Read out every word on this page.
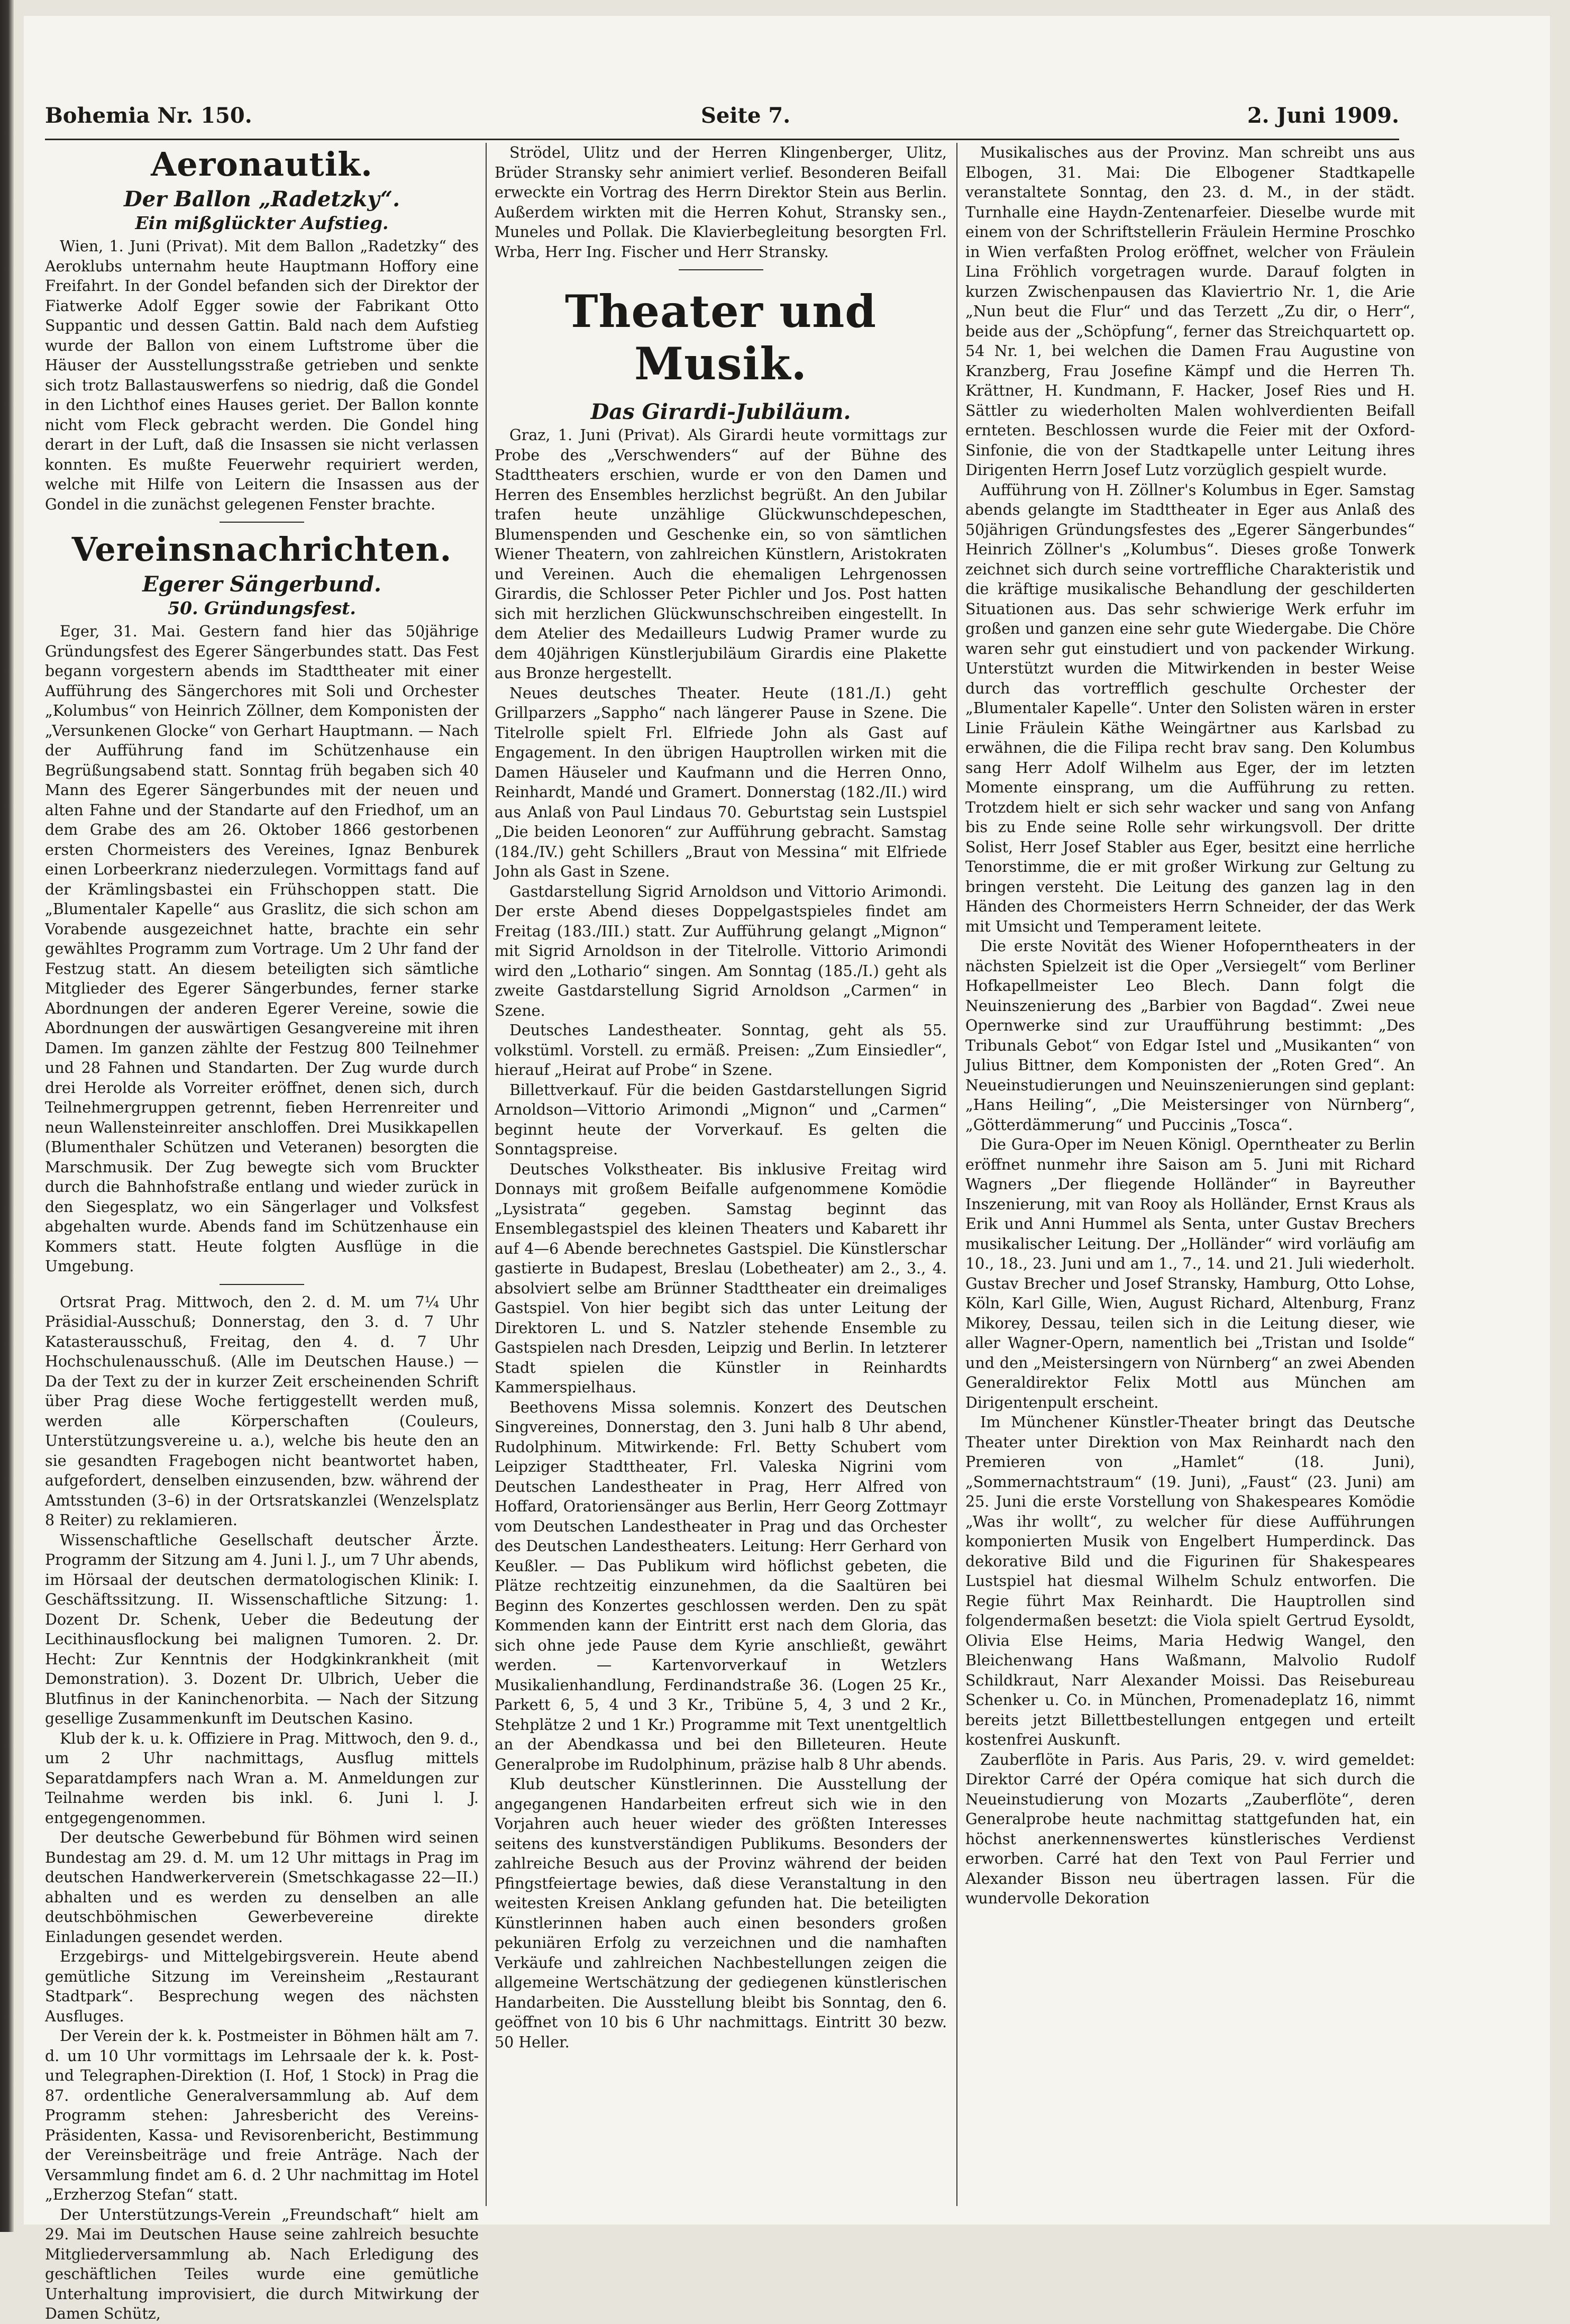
Bohemia Nr. 150.	Seite 7.	2. Juni 1909.
Aeronautik.
Der Ballon „Radetzky“.
Ein mißglückter Aufstieg.

Wien, 1. Juni (Privat). Mit dem Ballon „Radetzky“ des Aeroklubs unternahm heute Hauptmann Hoffory eine Freifahrt. In der Gondel befanden sich der Direktor der Fiatwerke Adolf Egger sowie der Fabrikant Otto Suppantic und dessen Gattin. Bald nach dem Aufstieg wurde der Ballon von einem Luftstrome über die Häuser der Ausstellungsstraße getrieben und senkte sich trotz Ballastauswerfens so niedrig, daß die Gondel in den Lichthof eines Hauses geriet. Der Ballon konnte nicht vom Fleck gebracht werden. Die Gondel hing derart in der Luft, daß die Insassen sie nicht verlassen konnten. Es mußte Feuerwehr requiriert werden, welche mit Hilfe von Leitern die Insassen aus der Gondel in die zunächst gelegenen Fenster brachte.

Vereinsnachrichten.
Egerer Sängerbund.
50. Gründungsfest.

Eger, 31. Mai. Gestern fand hier das 50jährige Gründungsfest des Egerer Sängerbundes statt. Das Fest begann vorgestern abends im Stadttheater mit einer Aufführung des Sängerchores mit Soli und Orchester „Kolumbus“ von Heinrich Zöllner, dem Komponisten der „Versunkenen Glocke“ von Gerhart Hauptmann. — Nach der Aufführung fand im Schützenhause ein Begrüßungsabend statt. Sonntag früh begaben sich 40 Mann des Egerer Sängerbundes mit der neuen und alten Fahne und der Standarte auf den Friedhof, um an dem Grabe des am 26. Oktober 1866 gestorbenen ersten Chormeisters des Vereines, Ignaz Benburek einen Lorbeerkranz niederzulegen. Vormittags fand auf der Krämlingsbastei ein Frühschoppen statt. Die „Blumentaler Kapelle“ aus Graslitz, die sich schon am Vorabende ausgezeichnet hatte, brachte ein sehr gewähltes Programm zum Vortrage. Um 2 Uhr fand der Festzug statt. An diesem beteiligten sich sämtliche Mitglieder des Egerer Sängerbundes, ferner starke Abordnungen der anderen Egerer Vereine, sowie die Abordnungen der auswärtigen Gesangvereine mit ihren Damen. Im ganzen zählte der Festzug 800 Teilnehmer und 28 Fahnen und Standarten. Der Zug wurde durch drei Herolde als Vorreiter eröffnet, denen sich, durch Teilnehmergruppen getrennt, fieben Herrenreiter und neun Wallensteinreiter anschloffen. Drei Musikkapellen (Blumenthaler Schützen und Veteranen) besorgten die Marschmusik. Der Zug bewegte sich vom Bruckter durch die Bahnhofstraße entlang und wieder zurück in den Siegesplatz, wo ein Sängerlager und Volksfest abgehalten wurde. Abends fand im Schützenhause ein Kommers statt. Heute folgten Ausflüge in die Umgebung.

Ortsrat Prag. Mittwoch, den 2. d. M. um 7¼ Uhr Präsidial-Ausschuß; Donnerstag, den 3. d. 7 Uhr Katasterausschuß, Freitag, den 4. d. 7 Uhr Hochschulenausschuß. (Alle im Deutschen Hause.) — Da der Text zu der in kurzer Zeit erscheinenden Schrift über Prag diese Woche fertiggestellt werden muß, werden alle Körperschaften (Couleurs, Unterstützungsvereine u. a.), welche bis heute den an sie gesandten Fragebogen nicht beantwortet haben, aufgefordert, denselben einzusenden, bzw. während der Amtsstunden (3–6) in der Ortsratskanzlei (Wenzelsplatz 8 Reiter) zu reklamieren.

Wissenschaftliche Gesellschaft deutscher Ärzte. Programm der Sitzung am 4. Juni l. J., um 7 Uhr abends, im Hörsaal der deutschen dermatologischen Klinik: I. Geschäftssitzung. II. Wissenschaftliche Sitzung: 1. Dozent Dr. Schenk, Ueber die Bedeutung der Lecithinausflockung bei malignen Tumoren. 2. Dr. Hecht: Zur Kenntnis der Hodgkinkrankheit (mit Demonstration). 3. Dozent Dr. Ulbrich, Ueber die Blutfinus in der Kaninchenorbita. — Nach der Sitzung gesellige Zusammenkunft im Deutschen Kasino.

Klub der k. u. k. Offiziere in Prag. Mittwoch, den 9. d., um 2 Uhr nachmittags, Ausflug mittels Separatdampfers nach Wran a. M. Anmeldungen zur Teilnahme werden bis inkl. 6. Juni l. J. entgegengenommen.

Der deutsche Gewerbebund für Böhmen wird seinen Bundestag am 29. d. M. um 12 Uhr mittags in Prag im deutschen Handwerkerverein (Smetschkagasse 22—II.) abhalten und es werden zu denselben an alle deutschböhmischen Gewerbevereine direkte Einladungen gesendet werden.

Erzgebirgs- und Mittelgebirgsverein. Heute abend gemütliche Sitzung im Vereinsheim „Restaurant Stadtpark“. Besprechung wegen des nächsten Ausfluges.

Der Verein der k. k. Postmeister in Böhmen hält am 7. d. um 10 Uhr vormittags im Lehrsaale der k. k. Post- und Telegraphen-Direktion (I. Hof, 1 Stock) in Prag die 87. ordentliche Generalversammlung ab. Auf dem Programm stehen: Jahresbericht des Vereins-Präsidenten, Kassa- und Revisorenbericht, Bestimmung der Vereinsbeiträge und freie Anträge. Nach der Versammlung findet am 6. d. 2 Uhr nachmittag im Hotel „Erzherzog Stefan“ statt.

Der Unterstützungs-Verein „Freundschaft“ hielt am 29. Mai im Deutschen Hause seine zahlreich besuchte Mitgliederversammlung ab. Nach Erledigung des geschäftlichen Teiles wurde eine gemütliche Unterhaltung improvisiert, die durch Mitwirkung der Damen Schütz,

Strödel, Ulitz und der Herren Klingenberger, Ulitz, Brüder Stransky sehr animiert verlief. Besonderen Beifall erweckte ein Vortrag des Herrn Direktor Stein aus Berlin. Außerdem wirkten mit die Herren Kohut, Stransky sen., Muneles und Pollak. Die Klavierbegleitung besorgten Frl. Wrba, Herr Ing. Fischer und Herr Stransky.

Theater und Musik.
Das Girardi-Jubiläum.

Graz, 1. Juni (Privat). Als Girardi heute vormittags zur Probe des „Verschwenders“ auf der Bühne des Stadttheaters erschien, wurde er von den Damen und Herren des Ensembles herzlichst begrüßt. An den Jubilar trafen heute unzählige Glückwunschdepeschen, Blumenspenden und Geschenke ein, so von sämtlichen Wiener Theatern, von zahlreichen Künstlern, Aristokraten und Vereinen. Auch die ehemaligen Lehrgenossen Girardis, die Schlosser Peter Pichler und Jos. Post hatten sich mit herzlichen Glückwunschschreiben eingestellt. In dem Atelier des Medailleurs Ludwig Pramer wurde zu dem 40jährigen Künstlerjubiläum Girardis eine Plakette aus Bronze hergestellt.

Neues deutsches Theater. Heute (181./I.) geht Grillparzers „Sappho“ nach längerer Pause in Szene. Die Titelrolle spielt Frl. Elfriede John als Gast auf Engagement. In den übrigen Hauptrollen wirken mit die Damen Häuseler und Kaufmann und die Herren Onno, Reinhardt, Mandé und Gramert. Donnerstag (182./II.) wird aus Anlaß von Paul Lindaus 70. Geburtstag sein Lustspiel „Die beiden Leonoren“ zur Aufführung gebracht. Samstag (184./IV.) geht Schillers „Braut von Messina“ mit Elfriede John als Gast in Szene.

Gastdarstellung Sigrid Arnoldson und Vittorio Arimondi. Der erste Abend dieses Doppelgastspieles findet am Freitag (183./III.) statt. Zur Aufführung gelangt „Mignon“ mit Sigrid Arnoldson in der Titelrolle. Vittorio Arimondi wird den „Lothario“ singen. Am Sonntag (185./I.) geht als zweite Gastdarstellung Sigrid Arnoldson „Carmen“ in Szene.

Deutsches Landestheater. Sonntag, geht als 55. volkstüml. Vorstell. zu ermäß. Preisen: „Zum Einsiedler“, hierauf „Heirat auf Probe“ in Szene.

Billettverkauf. Für die beiden Gastdarstellungen Sigrid Arnoldson—Vittorio Arimondi „Mignon“ und „Carmen“ beginnt heute der Vorverkauf. Es gelten die Sonntagspreise.

Deutsches Volkstheater. Bis inklusive Freitag wird Donnays mit großem Beifalle aufgenommene Komödie „Lysistrata“ gegeben. Samstag beginnt das Ensemblegastspiel des kleinen Theaters und Kabarett ihr auf 4—6 Abende berechnetes Gastspiel. Die Künstlerschar gastierte in Budapest, Breslau (Lobetheater) am 2., 3., 4. absolviert selbe am Brünner Stadttheater ein dreimaliges Gastspiel. Von hier begibt sich das unter Leitung der Direktoren L. und S. Natzler stehende Ensemble zu Gastspielen nach Dresden, Leipzig und Berlin. In letzterer Stadt spielen die Künstler in Reinhardts Kammerspielhaus.

Beethovens Missa solemnis. Konzert des Deutschen Singvereines, Donnerstag, den 3. Juni halb 8 Uhr abend, Rudolphinum. Mitwirkende: Frl. Betty Schubert vom Leipziger Stadttheater, Frl. Valeska Nigrini vom Deutschen Landestheater in Prag, Herr Alfred von Hoffard, Oratoriensänger aus Berlin, Herr Georg Zottmayr vom Deutschen Landestheater in Prag und das Orchester des Deutschen Landestheaters. Leitung: Herr Gerhard von Keußler. — Das Publikum wird höflichst gebeten, die Plätze rechtzeitig einzunehmen, da die Saaltüren bei Beginn des Konzertes geschlossen werden. Den zu spät Kommenden kann der Eintritt erst nach dem Gloria, das sich ohne jede Pause dem Kyrie anschließt, gewährt werden. — Kartenvorverkauf in Wetzlers Musikalienhandlung, Ferdinandstraße 36. (Logen 25 Kr., Parkett 6, 5, 4 und 3 Kr., Tribüne 5, 4, 3 und 2 Kr., Stehplätze 2 und 1 Kr.) Programme mit Text unentgeltlich an der Abendkassa und bei den Billeteuren. Heute Generalprobe im Rudolphinum, präzise halb 8 Uhr abends.

Klub deutscher Künstlerinnen. Die Ausstellung der angegangenen Handarbeiten erfreut sich wie in den Vorjahren auch heuer wieder des größten Interesses seitens des kunstverständigen Publikums. Besonders der zahlreiche Besuch aus der Provinz während der beiden Pfingstfeiertage bewies, daß diese Veranstaltung in den weitesten Kreisen Anklang gefunden hat. Die beteiligten Künstlerinnen haben auch einen besonders großen pekuniären Erfolg zu verzeichnen und die namhaften Verkäufe und zahlreichen Nachbestellungen zeigen die allgemeine Wertschätzung der gediegenen künstlerischen Handarbeiten. Die Ausstellung bleibt bis Sonntag, den 6. geöffnet von 10 bis 6 Uhr nachmittags. Eintritt 30 bezw. 50 Heller.

Musikalisches aus der Provinz. Man schreibt uns aus Elbogen, 31. Mai: Die Elbogener Stadtkapelle veranstaltete Sonntag, den 23. d. M., in der städt. Turnhalle eine Haydn-Zentenarfeier. Dieselbe wurde mit einem von der Schriftstellerin Fräulein Hermine Proschko in Wien verfaßten Prolog eröffnet, welcher von Fräulein Lina Fröhlich vorgetragen wurde. Darauf folgten in kurzen Zwischenpausen das Klaviertrio Nr. 1, die Arie „Nun beut die Flur“ und das Terzett „Zu dir, o Herr“, beide aus der „Schöpfung“, ferner das Streichquartett op. 54 Nr. 1, bei welchen die Damen Frau Augustine von Kranzberg, Frau Josefine Kämpf und die Herren Th. Krättner, H. Kundmann, F. Hacker, Josef Ries und H. Sättler zu wiederholten Malen wohlverdienten Beifall ernteten. Beschlossen wurde die Feier mit der Oxford-Sinfonie, die von der Stadtkapelle unter Leitung ihres Dirigenten Herrn Josef Lutz vorzüglich gespielt wurde.

Aufführung von H. Zöllner's Kolumbus in Eger. Samstag abends gelangte im Stadttheater in Eger aus Anlaß des 50jährigen Gründungsfestes des „Egerer Sängerbundes“ Heinrich Zöllner's „Kolumbus“. Dieses große Tonwerk zeichnet sich durch seine vortreffliche Charakteristik und die kräftige musikalische Behandlung der geschilderten Situationen aus. Das sehr schwierige Werk erfuhr im großen und ganzen eine sehr gute Wiedergabe. Die Chöre waren sehr gut einstudiert und von packender Wirkung. Unterstützt wurden die Mitwirkenden in bester Weise durch das vortrefflich geschulte Orchester der „Blumentaler Kapelle“. Unter den Solisten wären in erster Linie Fräulein Käthe Weingärtner aus Karlsbad zu erwähnen, die die Filipa recht brav sang. Den Kolumbus sang Herr Adolf Wilhelm aus Eger, der im letzten Momente einsprang, um die Aufführung zu retten. Trotzdem hielt er sich sehr wacker und sang von Anfang bis zu Ende seine Rolle sehr wirkungsvoll. Der dritte Solist, Herr Josef Stabler aus Eger, besitzt eine herrliche Tenorstimme, die er mit großer Wirkung zur Geltung zu bringen versteht. Die Leitung des ganzen lag in den Händen des Chormeisters Herrn Schneider, der das Werk mit Umsicht und Temperament leitete.

Die erste Novität des Wiener Hofoperntheaters in der nächsten Spielzeit ist die Oper „Versiegelt“ vom Berliner Hofkapellmeister Leo Blech. Dann folgt die Neuinszenierung des „Barbier von Bagdad“. Zwei neue Opernwerke sind zur Uraufführung bestimmt: „Des Tribunals Gebot“ von Edgar Istel und „Musikanten“ von Julius Bittner, dem Komponisten der „Roten Gred“. An Neueinstudierungen und Neuinszenierungen sind geplant: „Hans Heiling“, „Die Meistersinger von Nürnberg“, „Götterdämmerung“ und Puccinis „Tosca“.

Die Gura-Oper im Neuen Königl. Operntheater zu Berlin eröffnet nunmehr ihre Saison am 5. Juni mit Richard Wagners „Der fliegende Holländer“ in Bayreuther Inszenierung, mit van Rooy als Holländer, Ernst Kraus als Erik und Anni Hummel als Senta, unter Gustav Brechers musikalischer Leitung. Der „Holländer“ wird vorläufig am 10., 18., 23. Juni und am 1., 7., 14. und 21. Juli wiederholt. Gustav Brecher und Josef Stransky, Hamburg, Otto Lohse, Köln, Karl Gille, Wien, August Richard, Altenburg, Franz Mikorey, Dessau, teilen sich in die Leitung dieser, wie aller Wagner-Opern, namentlich bei „Tristan und Isolde“ und den „Meistersingern von Nürnberg“ an zwei Abenden Generaldirektor Felix Mottl aus München am Dirigentenpult erscheint.

Im Münchener Künstler-Theater bringt das Deutsche Theater unter Direktion von Max Reinhardt nach den Premieren von „Hamlet“ (18. Juni), „Sommernachtstraum“ (19. Juni), „Faust“ (23. Juni) am 25. Juni die erste Vorstellung von Shakespeares Komödie „Was ihr wollt“, zu welcher für diese Aufführungen komponierten Musik von Engelbert Humperdinck. Das dekorative Bild und die Figurinen für Shakespeares Lustspiel hat diesmal Wilhelm Schulz entworfen. Die Regie führt Max Reinhardt. Die Hauptrollen sind folgendermaßen besetzt: die Viola spielt Gertrud Eysoldt, Olivia Else Heims, Maria Hedwig Wangel, den Bleichenwang Hans Waßmann, Malvolio Rudolf Schildkraut, Narr Alexander Moissi. Das Reisebureau Schenker u. Co. in München, Promenadeplatz 16, nimmt bereits jetzt Billettbestellungen entgegen und erteilt kostenfrei Auskunft.

Zauberflöte in Paris. Aus Paris, 29. v. wird gemeldet: Direktor Carré der Opéra comique hat sich durch die Neueinstudierung von Mozarts „Zauberflöte“, deren Generalprobe heute nachmittag stattgefunden hat, ein höchst anerkennenswertes künstlerisches Verdienst erworben. Carré hat den Text von Paul Ferrier und Alexander Bisson neu übertragen lassen. Für die wundervolle Dekoration
